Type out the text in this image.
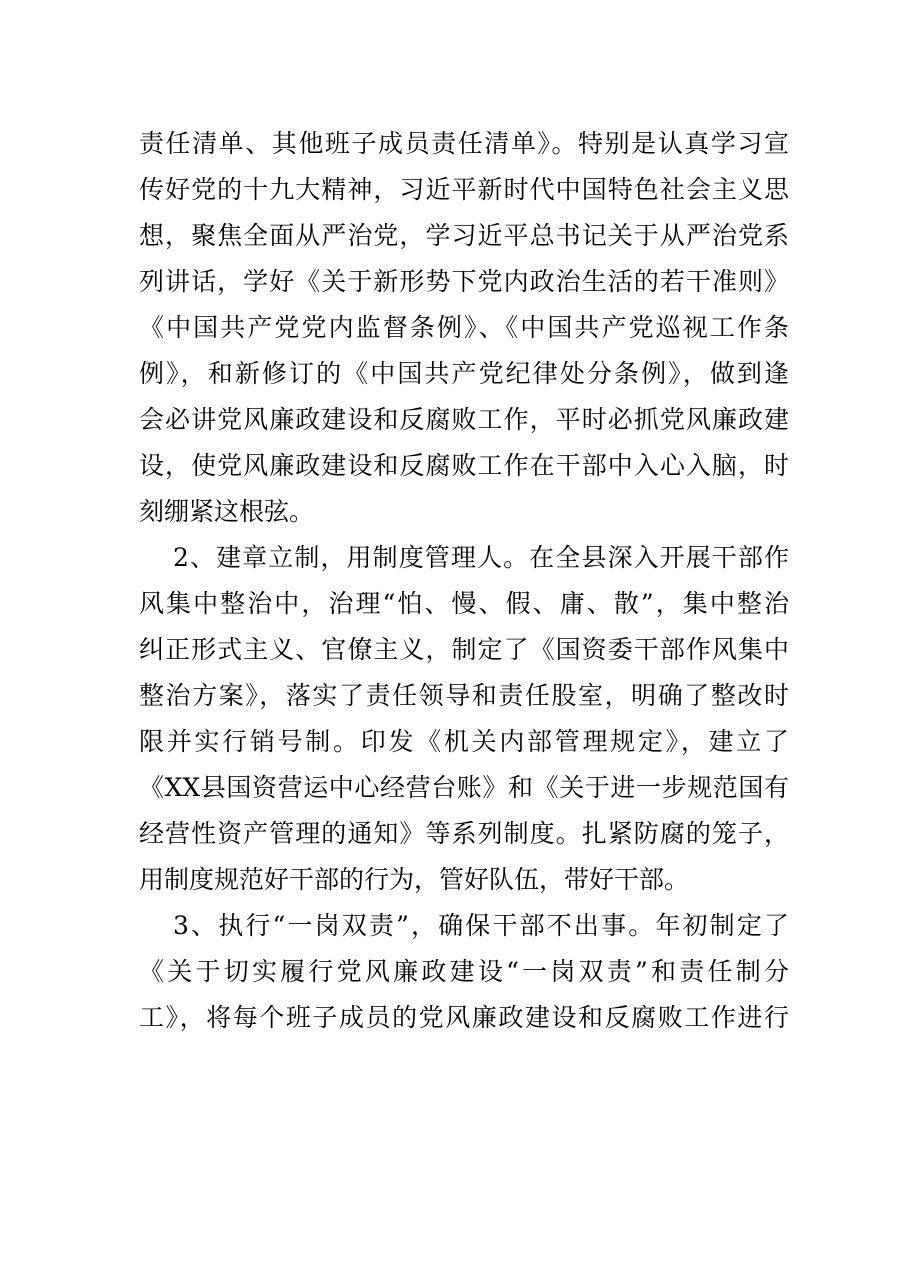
责任清单、其他班子成员责任清单》。特别是认真学习宣
传好党的十九大精神，习近平新时代中国特色社会主义思
想，聚焦全面从严治党，学习近平总书记关于从严治党系
列讲话，学好《关于新形势下党内政治生活的若干准则》
《中国共产党党内监督条例》、《中国共产党巡视工作条
例》，和新修订的《中国共产党纪律处分条例》，做到逢
会必讲党风廉政建设和反腐败工作，平时必抓党风廉政建
设，使党风廉政建设和反腐败工作在干部中入心入脑，时
刻绷紧这根弦。
2、建章立制，用制度管理人。在全县深入开展干部作
风集中整治中，治理“怕、慢、假、庸、散”，集中整治
纠正形式主义、官僚主义，制定了《国资委干部作风集中
整治方案》，落实了责任领导和责任股室，明确了整改时
限并实行销号制。印发《机关内部管理规定》，建立了
《XX县国资营运中心经营台账》和《关于进一步规范国有
经营性资产管理的通知》等系列制度。扎紧防腐的笼子，
用制度规范好干部的行为，管好队伍，带好干部。
3、执行“一岗双责”，确保干部不出事。年初制定了
《关于切实履行党风廉政建设“一岗双责”和责任制分
工》，将每个班子成员的党风廉政建设和反腐败工作进行
